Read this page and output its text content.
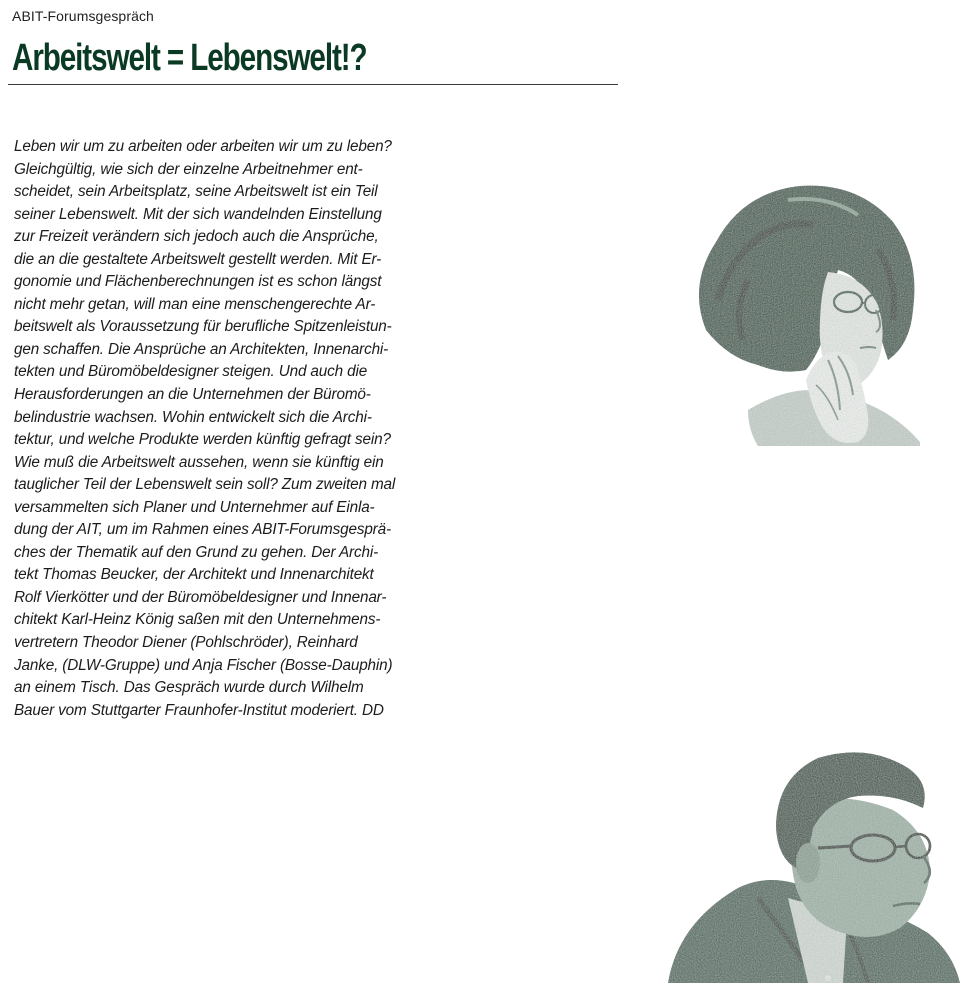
ABIT-Forumsgespräch
Arbeitswelt = Lebenswelt!?
Leben wir um zu arbeiten oder arbeiten wir um zu leben?
Gleichgültig, wie sich der einzelne Arbeitnehmer ent-
scheidet, sein Arbeitsplatz, seine Arbeitswelt ist ein Teil
seiner Lebenswelt. Mit der sich wandelnden Einstellung
zur Freizeit verändern sich jedoch auch die Ansprüche,
die an die gestaltete Arbeitswelt gestellt werden. Mit Er-
gonomie und Flächenberechnungen ist es schon längst
nicht mehr getan, will man eine menschengerechte Ar-
beitswelt als Voraussetzung für berufliche Spitzenleistun-
gen schaffen. Die Ansprüche an Architekten, Innenarchi-
tekten und Büromöbeldesigner steigen. Und auch die
Herausforderungen an die Unternehmen der Büromö-
belindustrie wachsen. Wohin entwickelt sich die Archi-
tektur, und welche Produkte werden künftig gefragt sein?
Wie muß die Arbeitswelt aussehen, wenn sie künftig ein
tauglicher Teil der Lebenswelt sein soll? Zum zweiten mal
versammelten sich Planer und Unternehmer auf Einla-
dung der AIT, um im Rahmen eines ABIT-Forumsgesprä-
ches der Thematik auf den Grund zu gehen. Der Archi-
tekt Thomas Beucker, der Architekt und Innenarchitekt
Rolf Vierkötter und der Büromöbeldesigner und Innenar-
chitekt Karl-Heinz König saßen mit den Unternehmens-
vertretern Theodor Diener (Pohlschröder), Reinhard
Janke, (DLW-Gruppe) und Anja Fischer (Bosse-Dauphin)
an einem Tisch. Das Gespräch wurde durch Wilhelm
Bauer vom Stuttgarter Fraunhofer-Institut moderiert. DD
